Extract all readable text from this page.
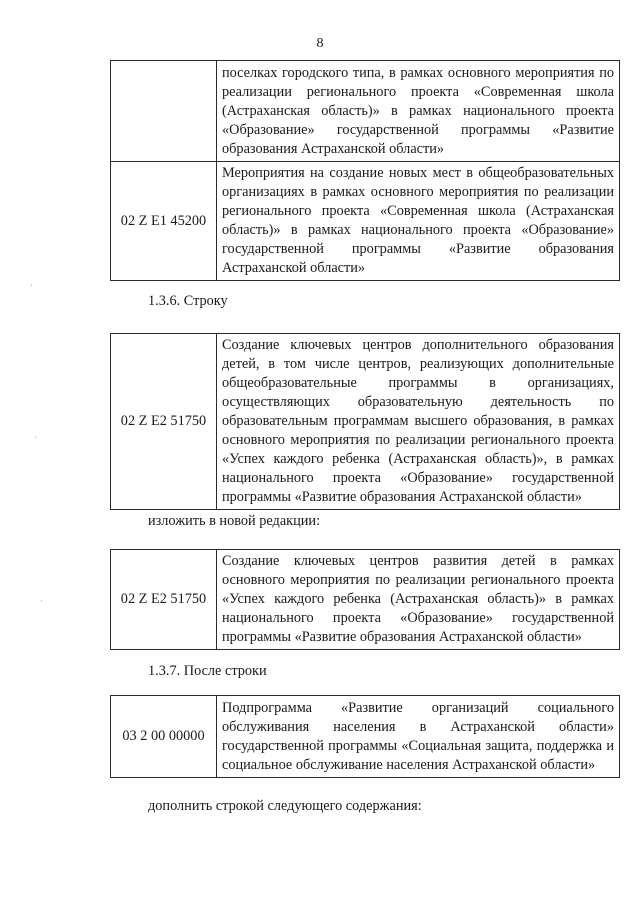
8
	поселках городского типа, в рамках основного мероприятия по реализации регионального проекта «Современная школа (Астраханская область)» в рамках национального проекта «Образование» государственной программы «Развитие образования Астраханской области»
02 Z E1 45200	Мероприятия на создание новых мест в общеобразовательных организациях в рамках основного мероприятия по реализации регионального проекта «Современная школа (Астраханская область)» в рамках национального проекта «Образование» государственной программы «Развитие образования Астраханской области»
1.3.6. Строку
02 Z E2 51750	Создание ключевых центров дополнительного образования детей, в том числе центров, реализующих дополнительные общеобразовательные программы в организациях, осуществляющих образовательную деятельность по образовательным программам высшего образования, в рамках основного мероприятия по реализации регионального проекта «Успех каждого ребенка (Астраханская область)», в рамках национального проекта «Образование» государственной программы «Развитие образования Астраханской области»
изложить в новой редакции:
02 Z E2 51750	Создание ключевых центров развития детей в рамках основного мероприятия по реализации регионального проекта «Успех каждого ребенка (Астраханская область)» в рамках национального проекта «Образование» государственной программы «Развитие образования Астраханской области»
1.3.7. После строки
03 2 00 00000	Подпрограмма «Развитие организаций социального обслуживания населения в Астраханской области» государственной программы «Социальная защита, поддержка и социальное обслуживание населения Астраханской области»
дополнить строкой следующего содержания:
·
·
·
